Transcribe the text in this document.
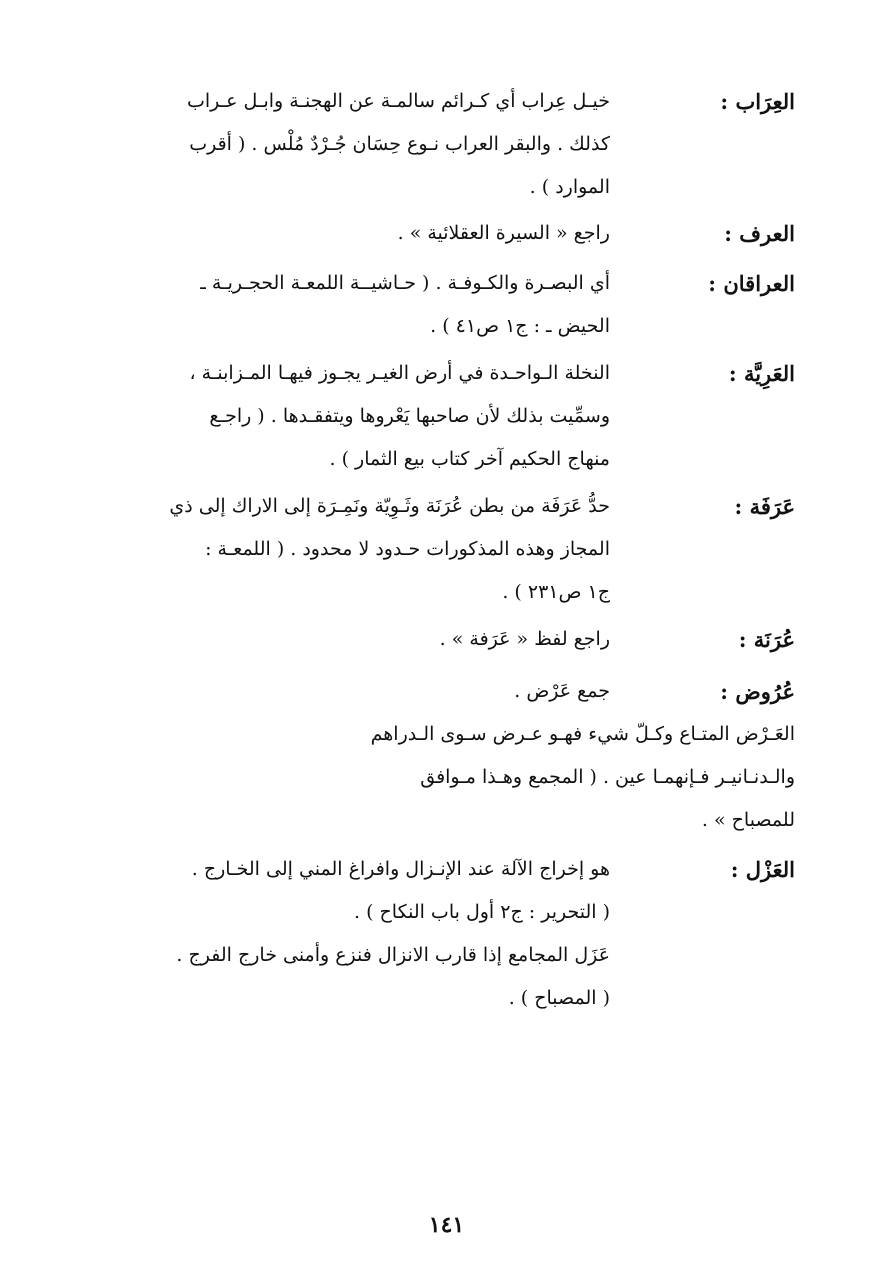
العِرَاب :
خيـل عِراب أي كـرائم سالمـة عن الهجنـة وابـل عـراب
كذلك . والبقر العراب نـوع حِسَان جُـرْدٌ مُلْس . ( أقرب
الموارد ) .
العرف :
راجع « السيرة العقلائية » .
العراقان :
أي البصـرة والكـوفـة . ( حـاشيــة اللمعـة الحجـريـة ـ
الحيض ـ : ج١ ص٤١ ) .
العَرِيَّة :
النخلة الـواحـدة في أرض الغيـر يجـوز فيهـا المـزابنـة ،
وسمِّيت بذلك لأن صاحبها يَعْروها ويتفقـدها . ( راجـع
منهاج الحكيم آخر كتاب بيع الثمار ) .
عَرَفَة :
حدُّ عَرَفَة من بطن عُرَنَة وثَـوِيّة ونَمِـرَة إلى الاراك إلى ذي
المجاز وهذه المذكورات حـدود لا محدود . ( اللمعـة :
ج١ ص٢٣١ ) .
عُرَنَة :
راجع لفظ « عَرَفة » .
عُرُوض :
جمع عَرْض .
العَـرْض المتـاع وكـلّ شيء فهـو عـرض سـوى الـدراهم
والـدنـانيـر فـإنهمـا عين . ( المجمع وهـذا مـوافق
للمصباح » .
العَزْل :
هو إخراج الآلة عند الإنـزال وافراغ المني إلى الخـارج .
( التحرير : ج٢ أول باب النكاح ) .
عَزَل المجامع إذا قارب الانزال فنزع وأمنى خارج الفرج .
( المصباح ) .
١٤١
